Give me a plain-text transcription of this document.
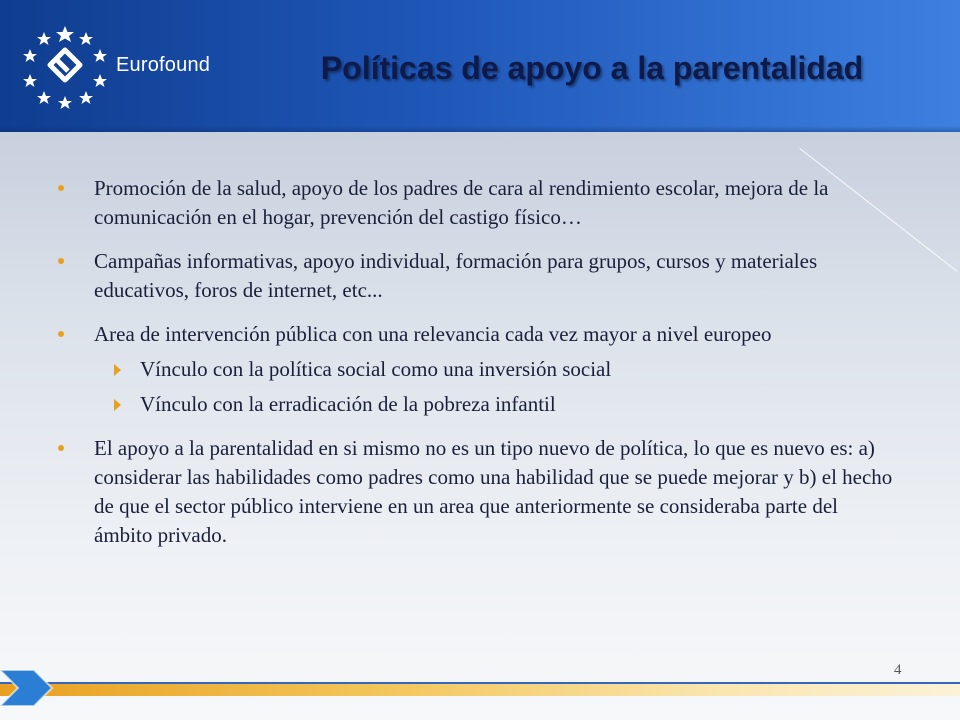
Eurofound	Políticas de apoyo a la parentalidad
Promoción de la salud, apoyo de los padres de cara al rendimiento escolar, mejora de la comunicación en el hogar, prevención del castigo físico…
Campañas informativas, apoyo individual, formación para grupos, cursos y materiales educativos, foros de internet, etc...
Area de intervención pública con una relevancia cada vez mayor a nivel europeo
Vínculo con la política social como una inversión social
Vínculo con la erradicación de la pobreza infantil
El apoyo a la parentalidad en si mismo no es un tipo nuevo de política, lo que es nuevo es: a) considerar las habilidades como padres como una habilidad que se puede mejorar y b) el hecho de que el sector público interviene en un area que anteriormente se consideraba parte del ámbito privado.
4
